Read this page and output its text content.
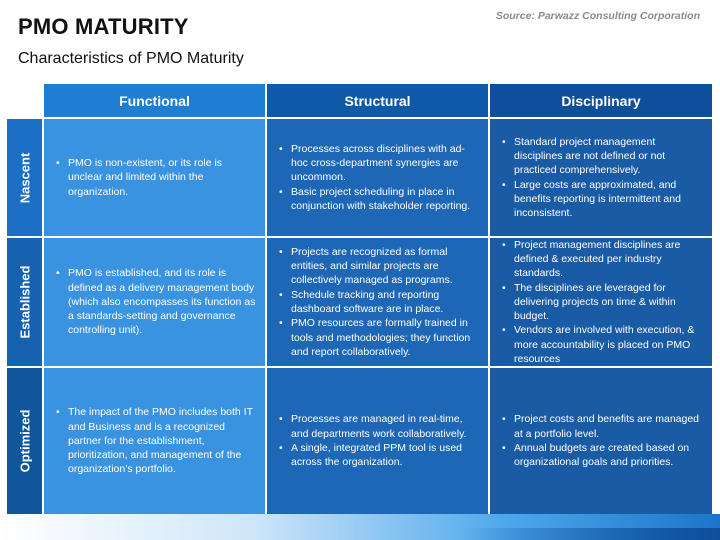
PMO MATURITY
Characteristics of PMO Maturity
Source: Parwazz Consulting Corporation
Functional	Structural	Disciplinary
Nascent
Established
Optimized
• PMO is non-existent, or its role is unclear and limited within the organization.
• Processes across disciplines with ad-hoc cross-department synergies are uncommon.
• Basic project scheduling in place in conjunction with stakeholder reporting.
• Standard project management disciplines are not defined or not practiced comprehensively.
• Large costs are approximated, and benefits reporting is intermittent and inconsistent.
• PMO is established, and its role is defined as a delivery management body (which also encompasses its function as a standards-setting and governance controlling unit).
• Projects are recognized as formal entities, and similar projects are collectively managed as programs.
• Schedule tracking and reporting dashboard software are in place.
• PMO resources are formally trained in tools and methodologies; they function and report collaboratively.
• Project management disciplines are defined & executed per industry standards.
• The disciplines are leveraged for delivering projects on time & within budget.
• Vendors are involved with execution, & more accountability is placed on PMO resources
• The impact of the PMO includes both IT and Business and is a recognized partner for the establishment, prioritization, and management of the organization’s portfolio.
• Processes are managed in real-time, and departments work collaboratively.
• A single, integrated PPM tool is used across the organization.
• Project costs and benefits are managed at a portfolio level.
• Annual budgets are created based on organizational goals and priorities.
